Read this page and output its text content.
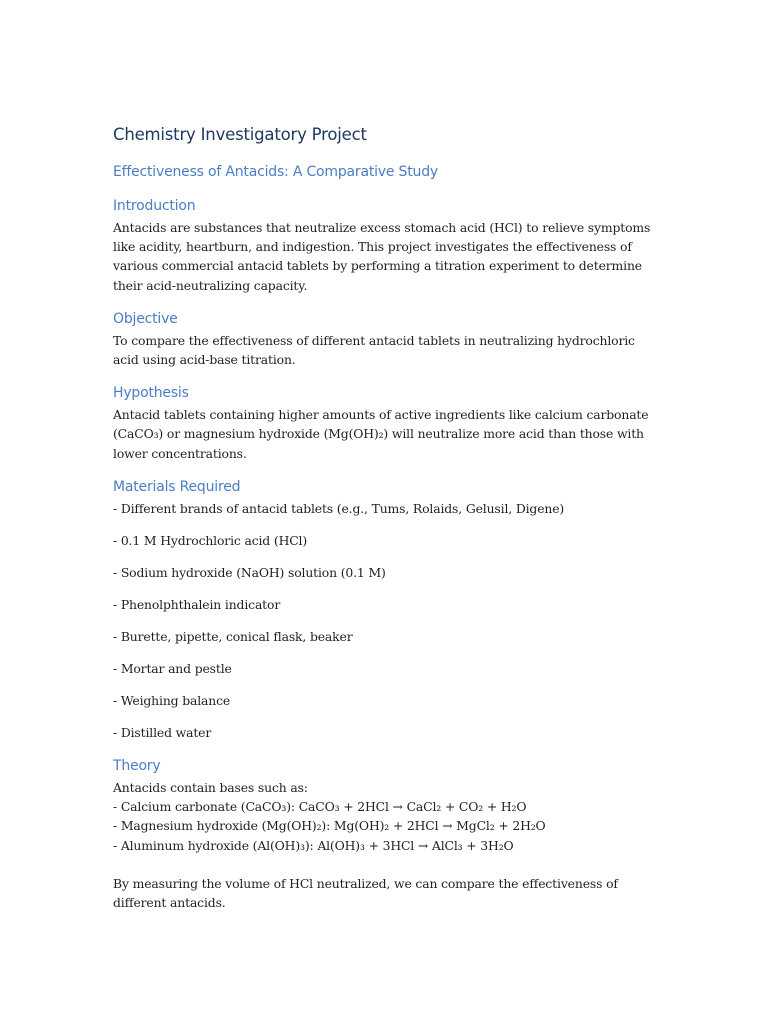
Chemistry Investigatory Project
Effectiveness of Antacids: A Comparative Study
Introduction

Antacids are substances that neutralize excess stomach acid (HCl) to relieve symptoms like acidity, heartburn, and indigestion. This project investigates the effectiveness of various commercial antacid tablets by performing a titration experiment to determine their acid-neutralizing capacity.

Objective

To compare the effectiveness of different antacid tablets in neutralizing hydrochloric acid using acid-base titration.

Hypothesis

Antacid tablets containing higher amounts of active ingredients like calcium carbonate (CaCO₃) or magnesium hydroxide (Mg(OH)₂) will neutralize more acid than those with lower concentrations.

Materials Required
- Different brands of antacid tablets (e.g., Tums, Rolaids, Gelusil, Digene)
- 0.1 M Hydrochloric acid (HCl)
- Sodium hydroxide (NaOH) solution (0.1 M)
- Phenolphthalein indicator
- Burette, pipette, conical flask, beaker
- Mortar and pestle
- Weighing balance
- Distilled water
Theory
Antacids contain bases such as:
- Calcium carbonate (CaCO₃): CaCO₃ + 2HCl → CaCl₂ + CO₂ + H₂O
- Magnesium hydroxide (Mg(OH)₂): Mg(OH)₂ + 2HCl → MgCl₂ + 2H₂O
- Aluminum hydroxide (Al(OH)₃): Al(OH)₃ + 3HCl → AlCl₃ + 3H₂O

By measuring the volume of HCl neutralized, we can compare the effectiveness of different antacids.
